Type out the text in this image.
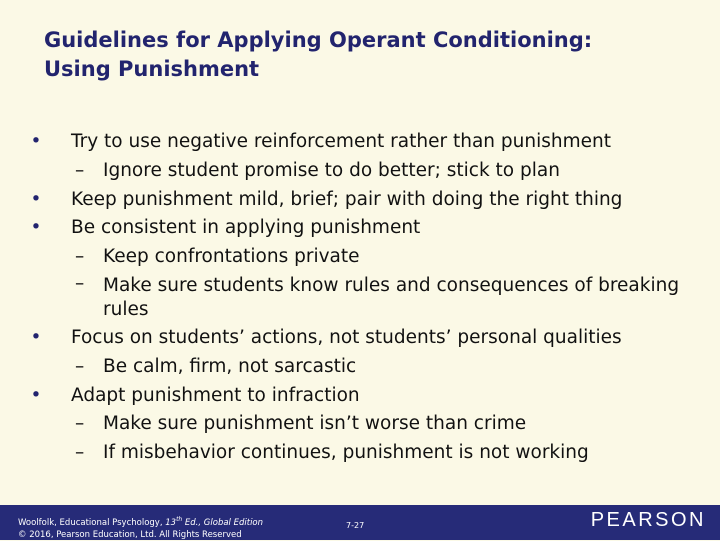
Guidelines for Applying Operant Conditioning:
Using Punishment
•	Try to use negative reinforcement rather than punishment
– Ignore student promise to do better; stick to plan
•	Keep punishment mild, brief; pair with doing the right thing
•	Be consistent in applying punishment
– Keep confrontations private
– Make sure students know rules and consequences of breaking rules
•	Focus on students’ actions, not students’ personal qualities
– Be calm, firm, not sarcastic
•	Adapt punishment to infraction
– Make sure punishment isn’t worse than crime
– If misbehavior continues, punishment is not working
Woolfolk, Educational Psychology, 13th Ed., Global Edition
© 2016, Pearson Education, Ltd. All Rights Reserved
7-27	PEARSON
